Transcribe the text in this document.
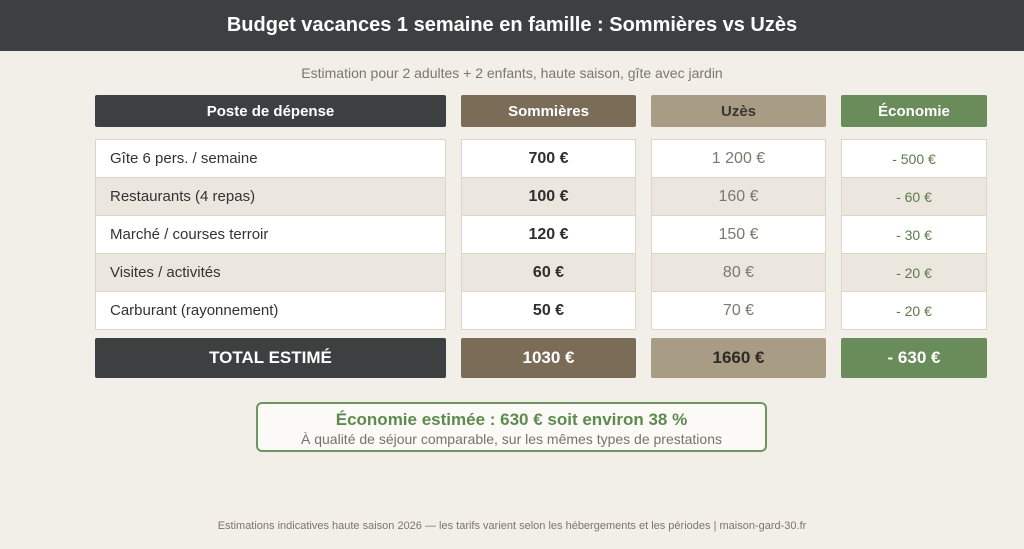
Budget vacances 1 semaine en famille : Sommières vs Uzès
Estimation pour 2 adultes + 2 enfants, haute saison, gîte avec jardin
Poste de dépense
Gîte 6 pers. / semaine
Restaurants (4 repas)
Marché / courses terroir
Visites / activités
Carburant (rayonnement)
TOTAL ESTIMÉ
Sommières
700 €
100 €
120 €
60 €
50 €
1030 €
Uzès
1 200 €
160 €
150 €
80 €
70 €
1660 €
Économie
- 500 €
- 60 €
- 30 €
- 20 €
- 20 €
- 630 €
Économie estimée : 630 € soit environ 38 %
À qualité de séjour comparable, sur les mêmes types de prestations
Estimations indicatives haute saison 2026 — les tarifs varient selon les hébergements et les périodes | maison-gard-30.fr
